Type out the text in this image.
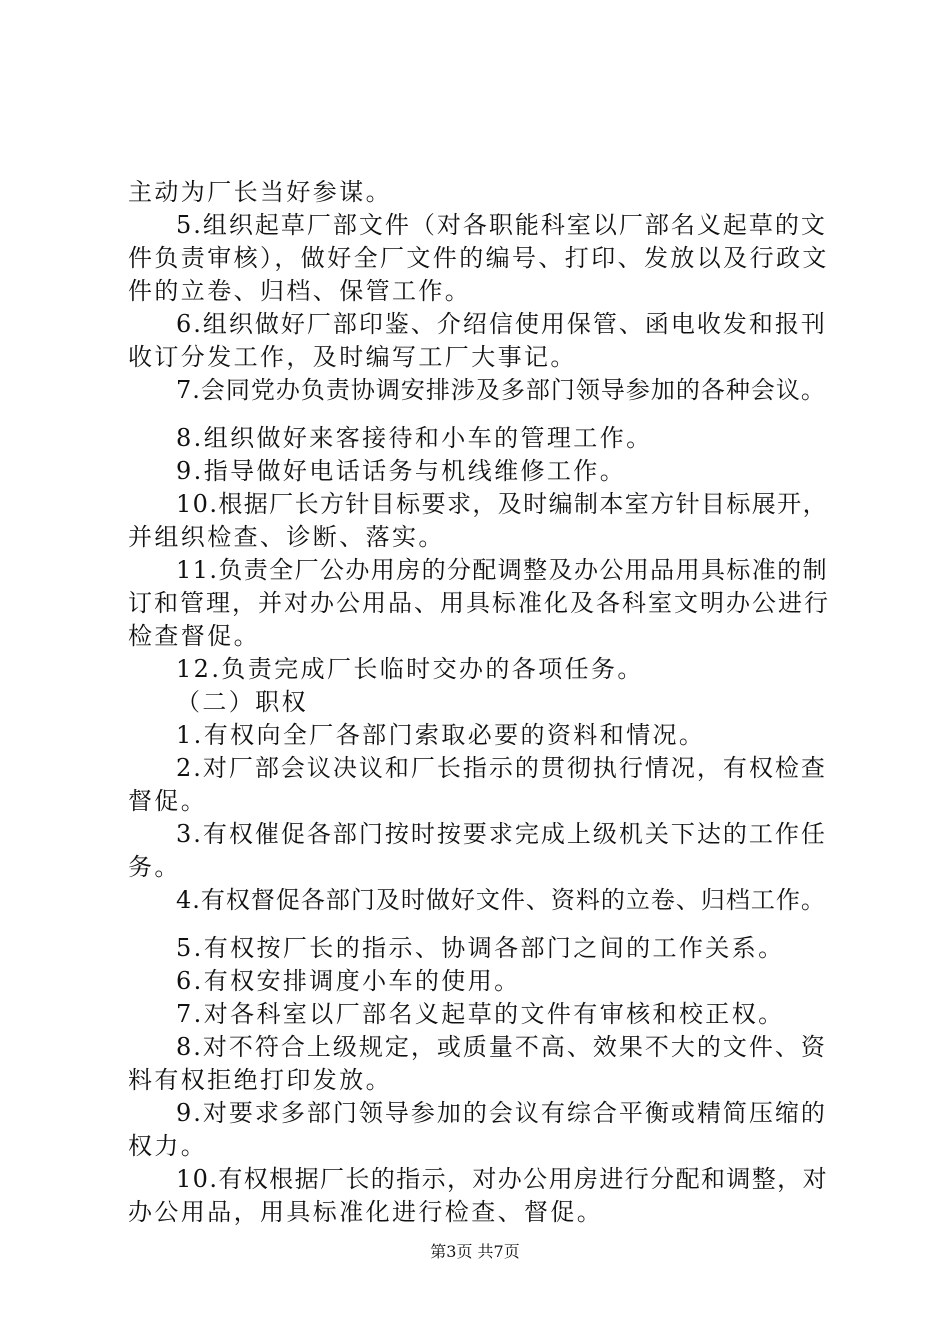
主动为厂长当好参谋。
5.组织起草厂部文件（对各职能科室以厂部名义起草的文
件负责审核），做好全厂文件的编号、打印、发放以及行政文
件的立卷、归档、保管工作。
6.组织做好厂部印鉴、介绍信使用保管、函电收发和报刊
收订分发工作，及时编写工厂大事记。
7.会同党办负责协调安排涉及多部门领导参加的各种会议。
8.组织做好来客接待和小车的管理工作。
9.指导做好电话话务与机线维修工作。
10.根据厂长方针目标要求，及时编制本室方针目标展开，
并组织检查、诊断、落实。
11.负责全厂公办用房的分配调整及办公用品用具标准的制
订和管理，并对办公用品、用具标准化及各科室文明办公进行
检查督促。
12.负责完成厂长临时交办的各项任务。
（二）职权
1.有权向全厂各部门索取必要的资料和情况。
2.对厂部会议决议和厂长指示的贯彻执行情况，有权检查
督促。
3.有权催促各部门按时按要求完成上级机关下达的工作任
务。
4.有权督促各部门及时做好文件、资料的立卷、归档工作。
5.有权按厂长的指示、协调各部门之间的工作关系。
6.有权安排调度小车的使用。
7.对各科室以厂部名义起草的文件有审核和校正权。
8.对不符合上级规定，或质量不高、效果不大的文件、资
料有权拒绝打印发放。
9.对要求多部门领导参加的会议有综合平衡或精简压缩的
权力。
10.有权根据厂长的指示，对办公用房进行分配和调整，对
办公用品，用具标准化进行检查、督促。
第3页 共7页
